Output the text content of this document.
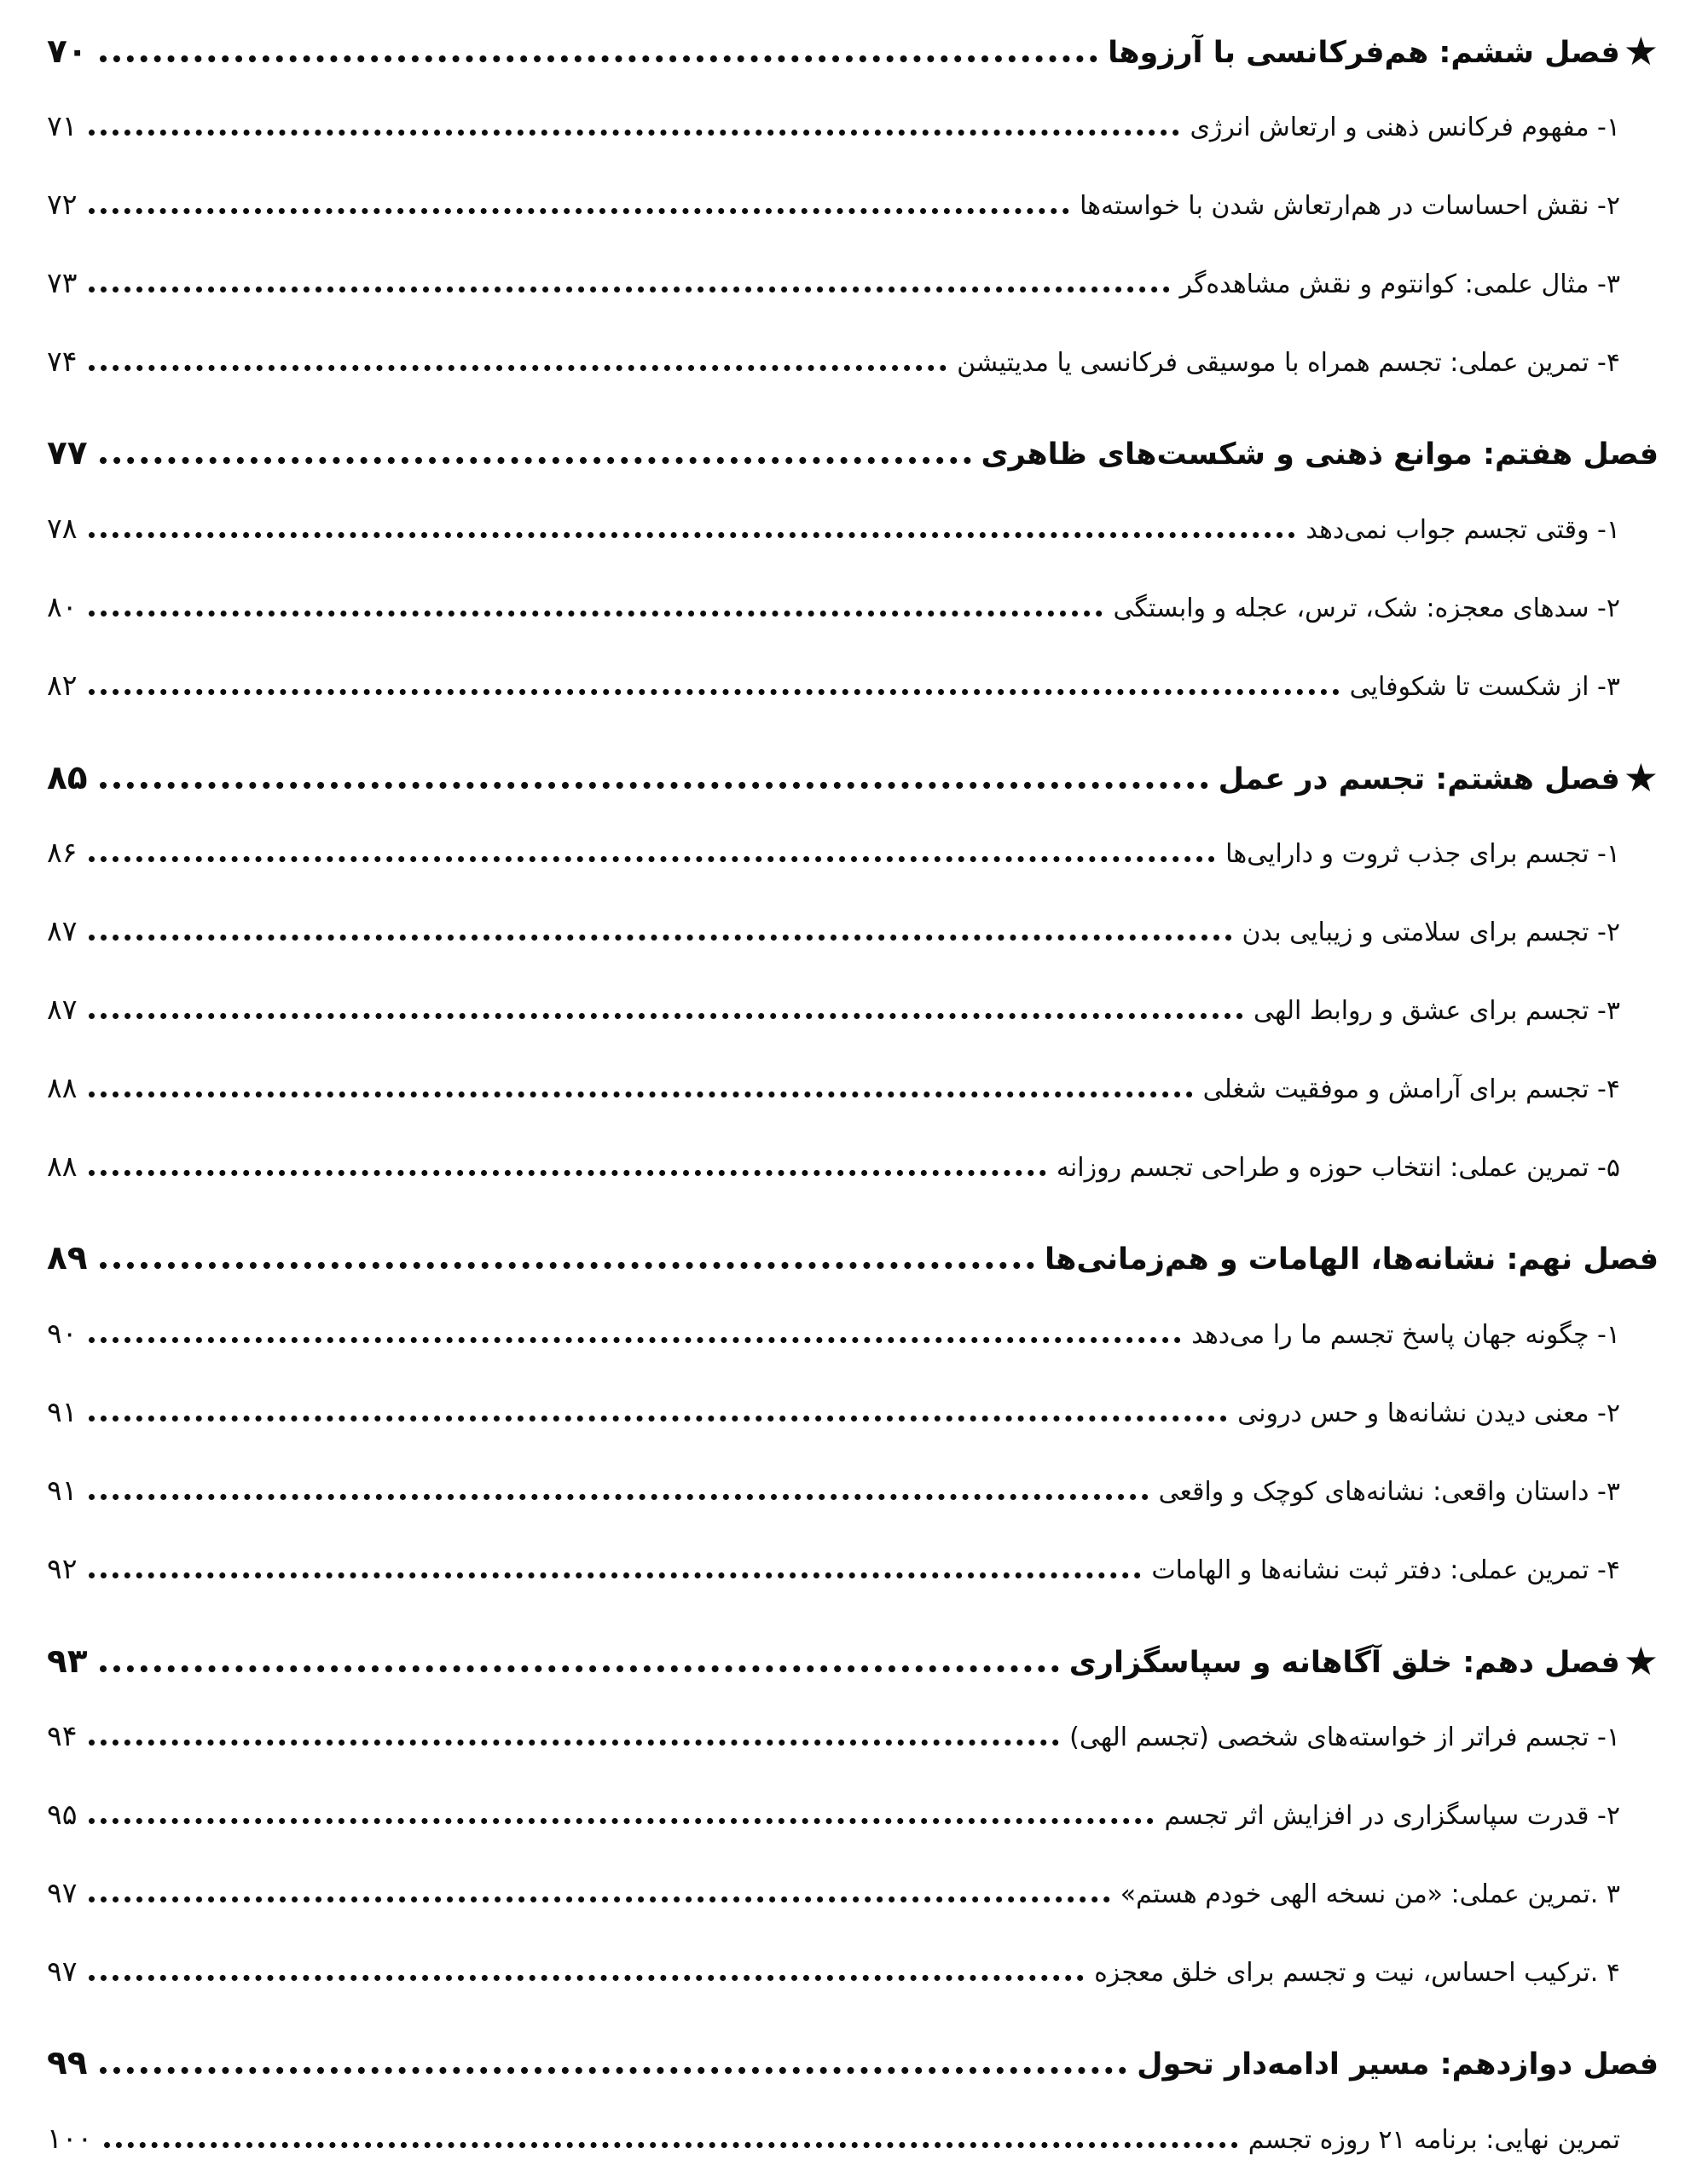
★
فصل ششم: هم‌فرکانسی با آرزوها
۷۰
۱- مفهوم فرکانس ذهنی و ارتعاش انرژی
۷۱
۲- نقش احساسات در هم‌ارتعاش شدن با خواسته‌ها
۷۲
۳- مثال علمی: کوانتوم و نقش مشاهده‌گر
۷۳
۴- تمرین عملی: تجسم همراه با موسیقی فرکانسی یا مدیتیشن
۷۴
فصل هفتم: موانع ذهنی و شکست‌های ظاهری
۷۷
۱- وقتی تجسم جواب نمی‌دهد
۷۸
۲- سدهای معجزه: شک، ترس، عجله و وابستگی
۸۰
۳- از شکست تا شکوفایی
۸۲
★
فصل هشتم: تجسم در عمل
۸۵
۱- تجسم برای جذب ثروت و دارایی‌ها
۸۶
۲- تجسم برای سلامتی و زیبایی بدن
۸۷
۳- تجسم برای عشق و روابط الهی
۸۷
۴- تجسم برای آرامش و موفقیت شغلی
۸۸
۵- تمرین عملی: انتخاب حوزه و طراحی تجسم روزانه
۸۸
فصل نهم: نشانه‌ها، الهامات و هم‌زمانی‌ها
۸۹
۱- چگونه جهان پاسخ تجسم ما را می‌دهد
۹۰
۲- معنی دیدن نشانه‌ها و حس درونی
۹۱
۳- داستان واقعی: نشانه‌های کوچک و واقعی
۹۱
۴- تمرین عملی: دفتر ثبت نشانه‌ها و الهامات
۹۲
★
فصل دهم: خلق آگاهانه و سپاسگزاری
۹۳
۱- تجسم فراتر از خواسته‌های شخصی (تجسم الهی)
۹۴
۲- قدرت سپاسگزاری در افزایش اثر تجسم
۹۵
۳ .تمرین عملی: «من نسخه الهی خودم هستم»
۹۷
۴ .ترکیب احساس، نیت و تجسم برای خلق معجزه
۹۷
فصل دوازدهم: مسیر ادامه‌دار تحول
۹۹
تمرین نهایی: برنامه ۲۱ روزه تجسم
۱۰۰
